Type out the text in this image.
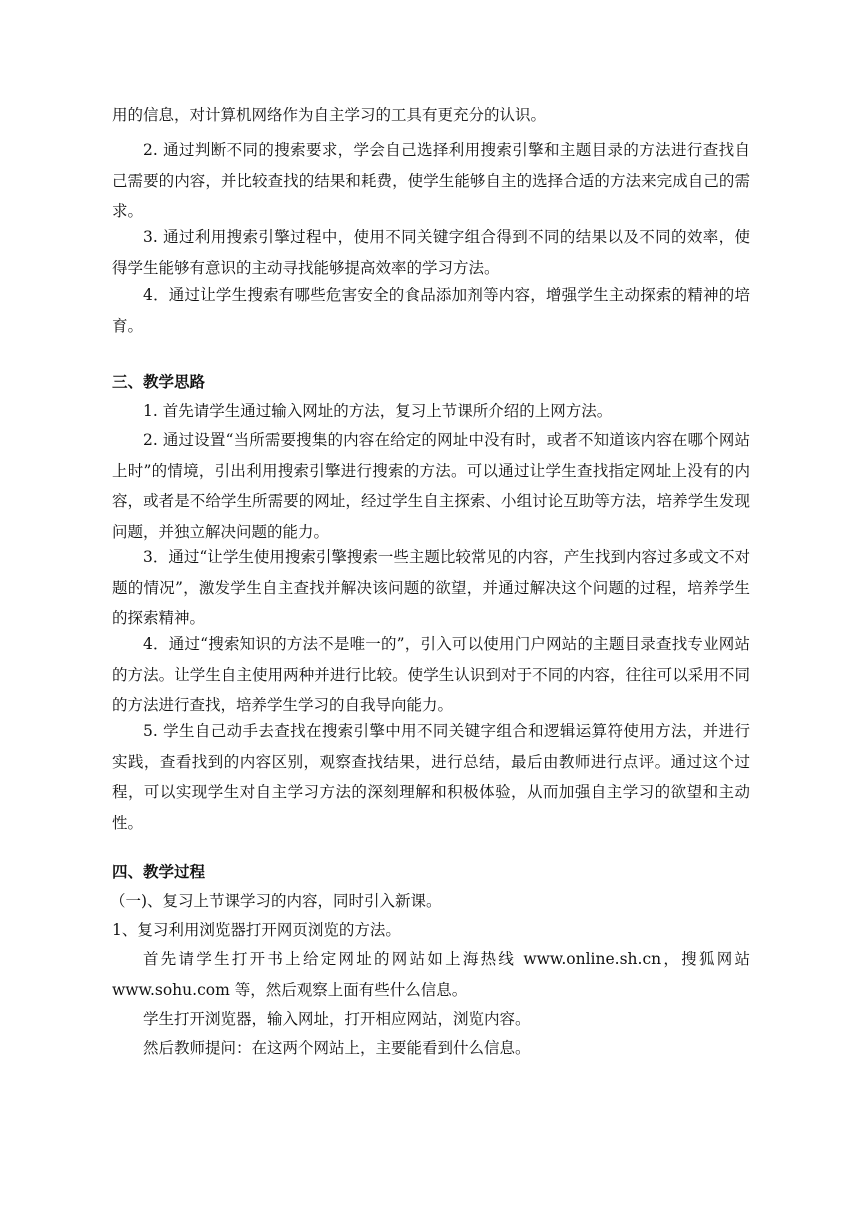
用的信息，对计算机网络作为自主学习的工具有更充分的认识。

2. 通过判断不同的搜索要求，学会自己选择利用搜索引擎和主题目录的方法进行查找自己需要的内容，并比较查找的结果和耗费，使学生能够自主的选择合适的方法来完成自己的需求。

3. 通过利用搜索引擎过程中，使用不同关键字组合得到不同的结果以及不同的效率，使得学生能够有意识的主动寻找能够提高效率的学习方法。

4．通过让学生搜索有哪些危害安全的食品添加剂等内容，增强学生主动探索的精神的培育。

三、教学思路

1. 首先请学生通过输入网址的方法，复习上节课所介绍的上网方法。

2. 通过设置“当所需要搜集的内容在给定的网址中没有时，或者不知道该内容在哪个网站上时”的情境，引出利用搜索引擎进行搜索的方法。可以通过让学生查找指定网址上没有的内容，或者是不给学生所需要的网址，经过学生自主探索、小组讨论互助等方法，培养学生发现问题，并独立解决问题的能力。

3．通过“让学生使用搜索引擎搜索一些主题比较常见的内容，产生找到内容过多或文不对题的情况”，激发学生自主查找并解决该问题的欲望，并通过解决这个问题的过程，培养学生的探索精神。

4．通过“搜索知识的方法不是唯一的”，引入可以使用门户网站的主题目录查找专业网站的方法。让学生自主使用两种并进行比较。使学生认识到对于不同的内容，往往可以采用不同的方法进行查找，培养学生学习的自我导向能力。

5. 学生自己动手去查找在搜索引擎中用不同关键字组合和逻辑运算符使用方法，并进行实践，查看找到的内容区别，观察查找结果，进行总结，最后由教师进行点评。通过这个过程，可以实现学生对自主学习方法的深刻理解和积极体验，从而加强自主学习的欲望和主动性。

四、教学过程

（一)、复习上节课学习的内容，同时引入新课。

1、复习利用浏览器打开网页浏览的方法。

首先请学生打开书上给定网址的网站如上海热线 www.online.sh.cn，搜狐网站 www.sohu.com 等，然后观察上面有些什么信息。

学生打开浏览器，输入网址，打开相应网站，浏览内容。

然后教师提问：在这两个网站上，主要能看到什么信息。
